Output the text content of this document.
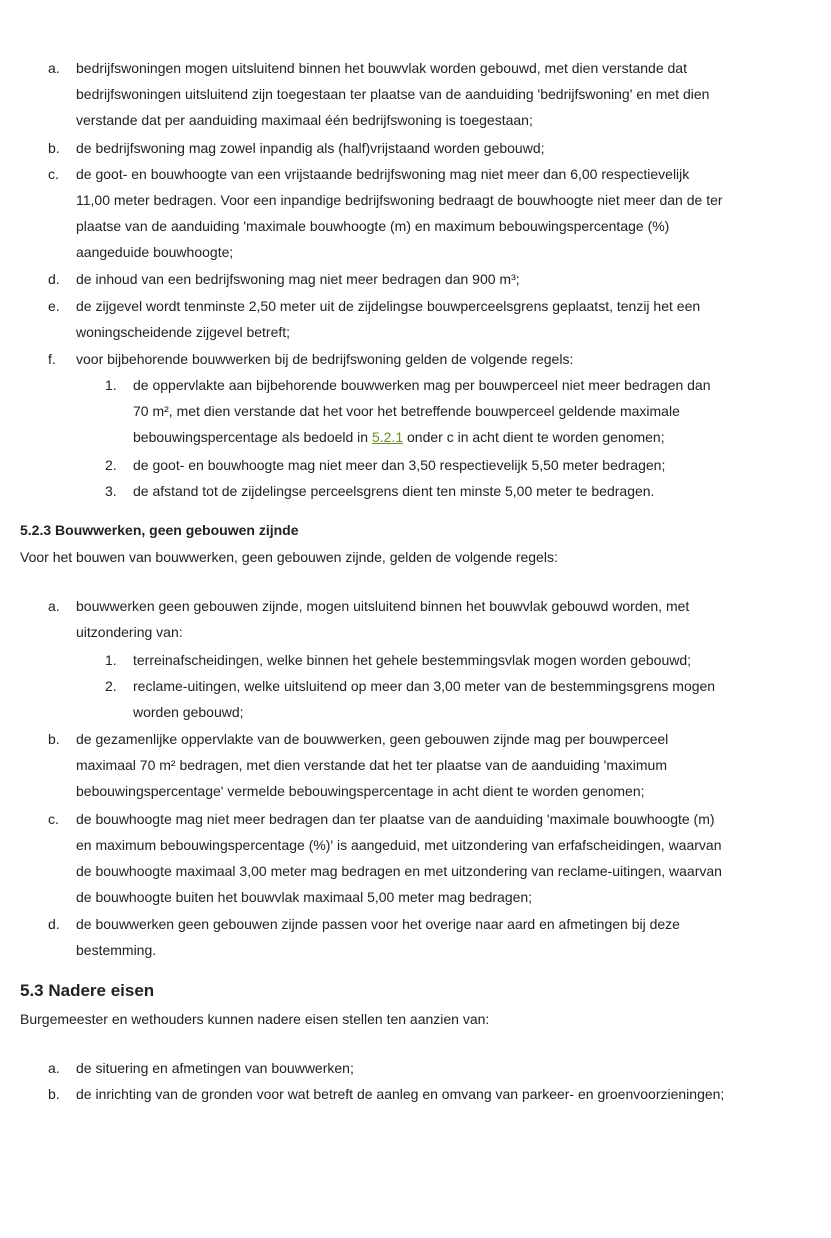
a. bedrijfswoningen mogen uitsluitend binnen het bouwvlak worden gebouwd, met dien verstande dat
bedrijfswoningen uitsluitend zijn toegestaan ter plaatse van de aanduiding 'bedrijfswoning' en met dien
verstande dat per aanduiding maximaal één bedrijfswoning is toegestaan;
b. de bedrijfswoning mag zowel inpandig als (half)vrijstaand worden gebouwd;
c. de goot- en bouwhoogte van een vrijstaande bedrijfswoning mag niet meer dan 6,00 respectievelijk
11,00 meter bedragen. Voor een inpandige bedrijfswoning bedraagt de bouwhoogte niet meer dan de ter
plaatse van de aanduiding 'maximale bouwhoogte (m) en maximum bebouwingspercentage (%)
aangeduide bouwhoogte;
d. de inhoud van een bedrijfswoning mag niet meer bedragen dan 900 m³;
e. de zijgevel wordt tenminste 2,50 meter uit de zijdelingse bouwperceelsgrens geplaatst, tenzij het een
woningscheidende zijgevel betreft;
f. voor bijbehorende bouwwerken bij de bedrijfswoning gelden de volgende regels:
1. de oppervlakte aan bijbehorende bouwwerken mag per bouwperceel niet meer bedragen dan
70 m², met dien verstande dat het voor het betreffende bouwperceel geldende maximale
bebouwingspercentage als bedoeld in 5.2.1 onder c in acht dient te worden genomen;
2. de goot- en bouwhoogte mag niet meer dan 3,50 respectievelijk 5,50 meter bedragen;
3. de afstand tot de zijdelingse perceelsgrens dient ten minste 5,00 meter te bedragen.
5.2.3 Bouwwerken, geen gebouwen zijnde
Voor het bouwen van bouwwerken, geen gebouwen zijnde, gelden de volgende regels:
a. bouwwerken geen gebouwen zijnde, mogen uitsluitend binnen het bouwvlak gebouwd worden, met
uitzondering van:
1. terreinafscheidingen, welke binnen het gehele bestemmingsvlak mogen worden gebouwd;
2. reclame-uitingen, welke uitsluitend op meer dan 3,00 meter van de bestemmingsgrens mogen
worden gebouwd;
b. de gezamenlijke oppervlakte van de bouwwerken, geen gebouwen zijnde mag per bouwperceel
maximaal 70 m² bedragen, met dien verstande dat het ter plaatse van de aanduiding 'maximum
bebouwingspercentage' vermelde bebouwingspercentage in acht dient te worden genomen;
c. de bouwhoogte mag niet meer bedragen dan ter plaatse van de aanduiding 'maximale bouwhoogte (m)
en maximum bebouwingspercentage (%)' is aangeduid, met uitzondering van erfafscheidingen, waarvan
de bouwhoogte maximaal 3,00 meter mag bedragen en met uitzondering van reclame-uitingen, waarvan
de bouwhoogte buiten het bouwvlak maximaal 5,00 meter mag bedragen;
d. de bouwwerken geen gebouwen zijnde passen voor het overige naar aard en afmetingen bij deze
bestemming.
5.3 Nadere eisen
Burgemeester en wethouders kunnen nadere eisen stellen ten aanzien van:
a. de situering en afmetingen van bouwwerken;
b. de inrichting van de gronden voor wat betreft de aanleg en omvang van parkeer- en groenvoorzieningen;
